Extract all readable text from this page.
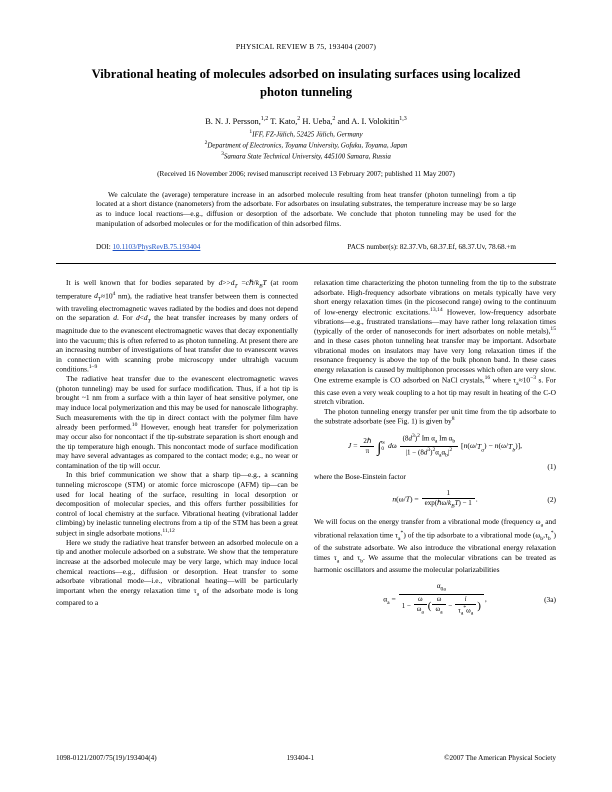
PHYSICAL REVIEW B 75, 193404 (2007)
Vibrational heating of molecules adsorbed on insulating surfaces using localized photon tunneling
B. N. J. Persson,$^{1,2}$ T. Kato,$^2$ H. Ueba,$^2$ and A. I. Volokitin$^{1,3}$
$^1$IFF, FZ-Jülich, 52425 Jülich, Germany
$^2$Department of Electronics, Toyama University, Gofuku, Toyama, Japan
$^3$Samara State Technical University, 445100 Samara, Russia
(Received 16 November 2006; revised manuscript received 13 February 2007; published 11 May 2007)
We calculate the (average) temperature increase in an adsorbed molecule resulting from heat transfer (photon tunneling) from a tip located at a short distance (nanometers) from the adsorbate. For adsorbates on insulating substrates, the temperature increase may be so large as to induce local reactions—e.g., diffusion or desorption of the adsorbate. We conclude that photon tunneling may be used for the manipulation of adsorbed molecules or for the modification of thin adsorbed films.
DOI: 10.1103/PhysRevB.75.193404	PACS number(s): 82.37.Vb, 68.37.Ef, 68.37.Uv, 78.68.+m

It is well known that for bodies separated by $d>>d_T$ $=c\hbar/k_BT$ (at room temperature $d_T\approx 10^4$ nm), the radiative heat transfer between them is connected with traveling electromagnetic waves radiated by the bodies and does not depend on the separation d. For $d<d_T$ the heat transfer increases by many orders of magnitude due to the evanescent electromagnetic waves that decay exponentially into the vacuum; this is often referred to as photon tunneling. At present there are an increasing number of investigations of heat transfer due to evanescent waves in connection with scanning probe microscopy under ultrahigh vacuum conditions.$^{1-9}$

The radiative heat transfer due to the evanescent electromagnetic waves (photon tunneling) may be used for surface modification. Thus, if a hot tip is brought ~1 nm from a surface with a thin layer of heat sensitive polymer, one may induce local polymerization and this may be used for nanoscale lithography. Such measurements with the tip in direct contact with the polymer film have already been performed.$^{10}$ However, enough heat transfer for polymerization may occur also for noncontact if the tip-substrate separation is short enough and the tip temperature high enough. This noncontact mode of surface modification may have several advantages as compared to the contact mode; e.g., no wear or contamination of the tip will occur.

In this brief communication we show that a sharp tip—e.g., a scanning tunneling microscope (STM) or atomic force microscope (AFM) tip—can be used for local heating of the surface, resulting in local desorption or decomposition of molecular species, and this offers further possibilities for control of local chemistry at the surface. Vibrational heating (vibrational ladder climbing) by inelastic tunneling electrons from a tip of the STM has been a great subject in single adsorbate motions.$^{11,12}$

Here we study the radiative heat transfer between an adsorbed molecule on a tip and another molecule adsorbed on a substrate. We show that the temperature increase at the adsorbed molecule may be very large, which may induce local chemical reactions—e.g., diffusion or desorption. Heat transfer to some adsorbate vibrational mode—i.e., vibrational heating—will be particularly important when the energy relaxation time $\tau_a$ of the adsorbate mode is long compared to a

relaxation time characterizing the photon tunneling from the tip to the substrate adsorbate. High-frequency adsorbate vibrations on metals typically have very short energy relaxation times (in the picosecond range) owing to the continuum of low-energy electronic excitations.$^{13,14}$ However, low-frequency adsorbate vibrations—e.g., frustrated translations—may have rather long relaxation times (typically of the order of nanoseconds for inert adsorbates on noble metals),$^{15}$ and in these cases photon tunneling heat transfer may be important. Adsorbate vibrational modes on insulators may have very long relaxation times if the resonance frequency is above the top of the bulk phonon band. In these cases energy relaxation is caused by multiphonon processes which often are very slow. One extreme example is CO adsorbed on NaCl crystals,$^{16}$ where $\tau_a\approx 10^{-3}$ s. For this case even a very weak coupling to a hot tip may result in heating of the C-O stretch vibration.

The photon tunneling energy transfer per unit time from the tip adsorbate to the substrate adsorbate (see Fig. 1) is given $by^8$

$J = \frac{\text{2ℏ}}{\pi}$ ∫∞
0 dω $\frac{(8d^3)^2 Im \alpha_a Im \alpha_b}{|1 - (8d^3)^2\alpha_a\alpha_b|^2} [n(\omega/T_a) - n(\omega/T_b)]$,
(1)

where the Bose-Einstein factor

$n(\omega/T) = \frac{1}{\exp(\hbar\omega/k_BT) - 1}$ .	(2)

We will focus on the energy transfer from a vibrational mode (frequency $\omega_a$ and vibrational relaxation time $\tau_a^*$) of the tip adsorbate to a vibrational mode $(\omega_b,\tau_b^*)$ of the substrate adsorbate. We also introduce the vibrational energy relaxation times $\tau_a$ and $\tau_b$. We assume that the molecular vibrations can be treated as harmonic oscillators and assume the molecular polarizabilities

$\alpha_a = \frac{\alpha_{0a}}{1 - \frac{\omega}{\omega_a} ( \frac{\omega}{\omega_a} - \frac{i}{\tau_a^*\omega_a} )}$ ,	(3a)
1098-0121/2007/75(19)/193404(4)	193404-1	©2007 The American Physical Society
